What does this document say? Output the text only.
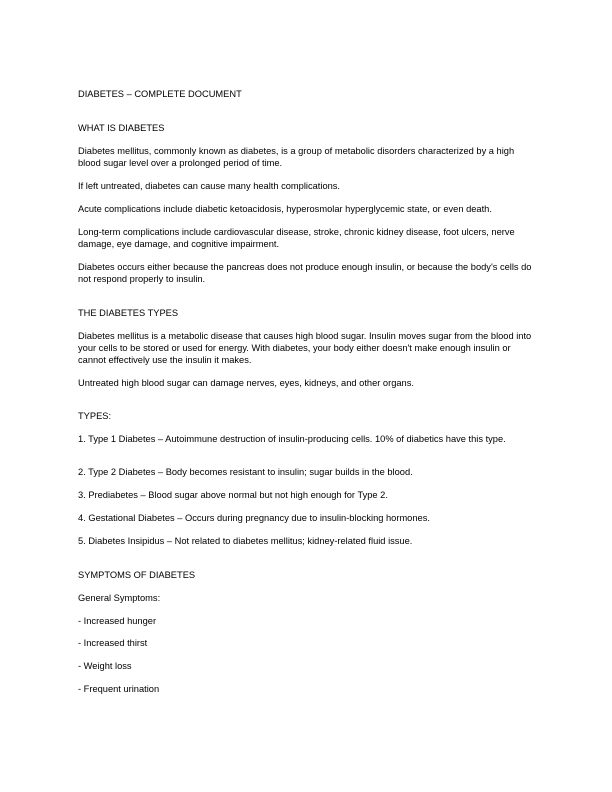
DIABETES – COMPLETE DOCUMENT

WHAT IS DIABETES

Diabetes mellitus, commonly known as diabetes, is a group of metabolic disorders characterized by a high blood sugar level over a prolonged period of time.

If left untreated, diabetes can cause many health complications.

Acute complications include diabetic ketoacidosis, hyperosmolar hyperglycemic state, or even death.

Long-term complications include cardiovascular disease, stroke, chronic kidney disease, foot ulcers, nerve damage, eye damage, and cognitive impairment.

Diabetes occurs either because the pancreas does not produce enough insulin, or because the body's cells do not respond properly to insulin.

THE DIABETES TYPES

Diabetes mellitus is a metabolic disease that causes high blood sugar. Insulin moves sugar from the blood into your cells to be stored or used for energy. With diabetes, your body either doesn't make enough insulin or cannot effectively use the insulin it makes.

Untreated high blood sugar can damage nerves, eyes, kidneys, and other organs.

TYPES:

1. Type 1 Diabetes – Autoimmune destruction of insulin-producing cells. 10% of diabetics have this type.

2. Type 2 Diabetes – Body becomes resistant to insulin; sugar builds in the blood.

3. Prediabetes – Blood sugar above normal but not high enough for Type 2.

4. Gestational Diabetes – Occurs during pregnancy due to insulin-blocking hormones.

5. Diabetes Insipidus – Not related to diabetes mellitus; kidney-related fluid issue.

SYMPTOMS OF DIABETES

General Symptoms:

- Increased hunger

- Increased thirst

- Weight loss

- Frequent urination
